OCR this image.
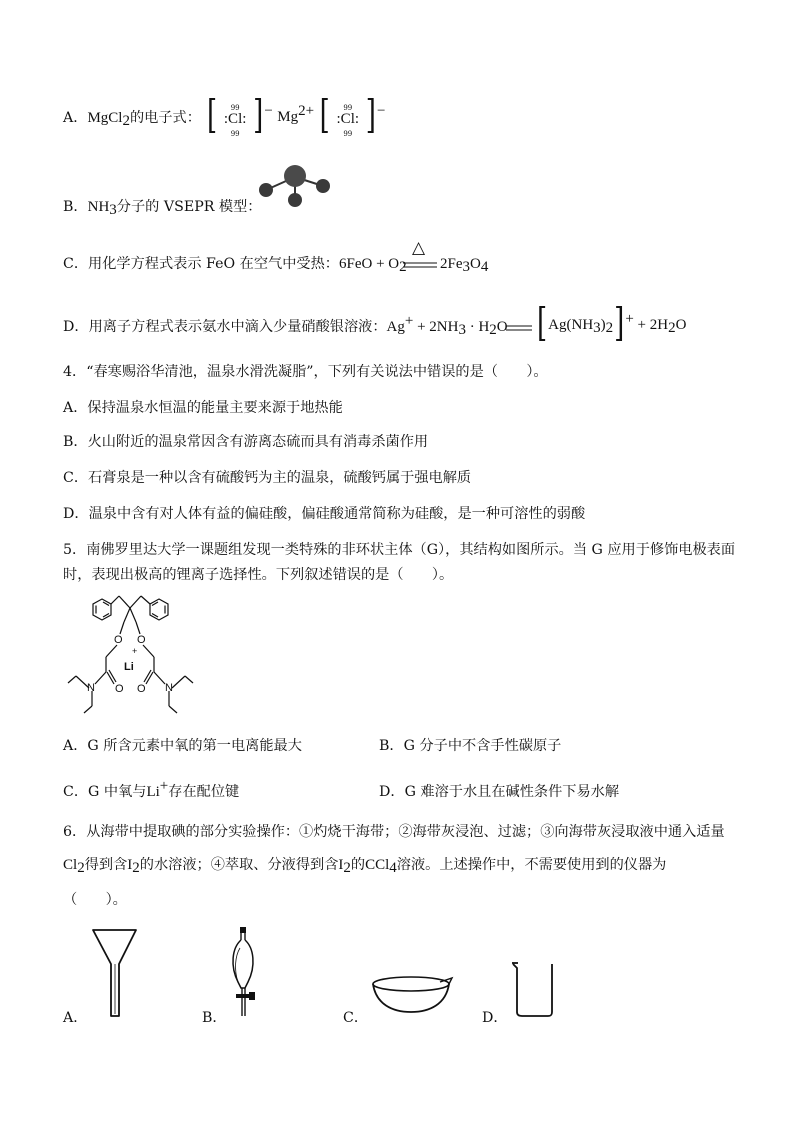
A．MgCl$_2$的电子式： [	99
:Cl:
99 ]− $Mg^{2+}$ [	99
:Cl:
99 ]−
B．$NH_3$分子的 VSEPR 模型：
C．用化学方程式表示 FeO 在空气中受热：$6FeO + O_2$
△
$2Fe_3O_4$
D．用离子方程式表示氨水中滴入少量硝酸银溶液：$Ag^+ + 2NH_3 \cdot H_2O$ $[Ag(NH_3)_2]^+ + 2H_2O$
4．“春寒赐浴华清池，温泉水滑洗凝脂”，下列有关说法中错误的是（　　）。
A．保持温泉水恒温的能量主要来源于地热能
B．火山附近的温泉常因含有游离态硫而具有消毒杀菌作用
C．石膏泉是一种以含有硫酸钙为主的温泉，硫酸钙属于强电解质
D．温泉中含有对人体有益的偏硅酸，偏硅酸通常简称为硅酸，是一种可溶性的弱酸
5．南佛罗里达大学一课题组发现一类特殊的非环状主体（G），其结构如图所示。当 G 应用于修饰电极表面
时，表现出极高的锂离子选择性。下列叙述错误的是（　　）。
O O
+
Li
N O O N
A．G 所含元素中氧的第一电离能最大	B．G 分子中不含手性碳原子
C．G 中氧与Li+存在配位键	D．G 难溶于水且在碱性条件下易水解
6．从海带中提取碘的部分实验操作：①灼烧干海带；②海带灰浸泡、过滤；③向海带灰浸取液中通入适量
$Cl_2$得到含$I_2$的水溶液；④萃取、分液得到含$I_2$的CCl$_4$溶液。上述操作中，不需要使用到的仪器为
（　　）。
A．	B．	C．	D．
